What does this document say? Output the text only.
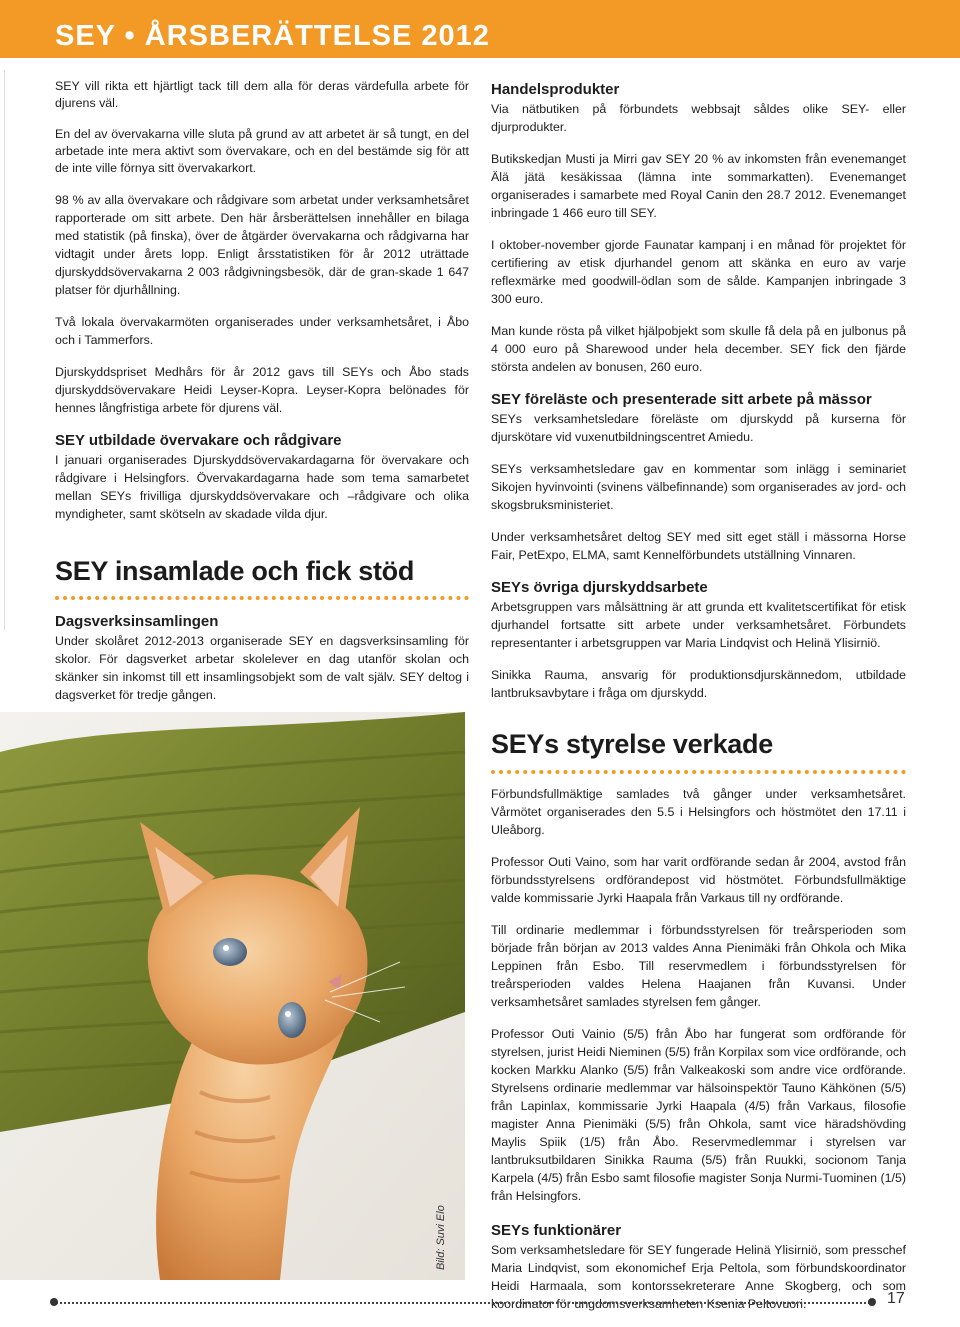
SEY • ÅRSBERÄTTELSE 2012

SEY vill rikta ett hjärtligt tack till dem alla för deras värdefulla arbete för djurens väl.

En del av övervakarna ville sluta på grund av att arbetet är så tungt, en del arbetade inte mera aktivt som övervakare, och en del bestämde sig för att de inte ville förnya sitt övervakarkort.

98 % av alla övervakare och rådgivare som arbetat under verksamhetsåret rapporterade om sitt arbete. Den här årsberättelsen innehåller en bilaga med statistik (på finska), över de åtgärder övervakarna och rådgivarna har vidtagit under årets lopp. Enligt årsstatistiken för år 2012 uträttade djurskyddsövervakarna 2 003 rådgivningsbesök, där de gran-skade 1 647 platser för djurhållning.

Två lokala övervakarmöten organiserades under verksamhetsåret, i Åbo och i Tammerfors.

Djurskyddspriset Medhårs för år 2012 gavs till SEYs och Åbo stads djurskyddsövervakare Heidi Leyser-Kopra. Leyser-Kopra belönades för hennes långfristiga arbete för djurens väl.

SEY utbildade övervakare och rådgivare

I januari organiserades Djurskyddsövervakardagarna för övervakare och rådgivare i Helsingfors. Övervakardagarna hade som tema samarbetet mellan SEYs frivilliga djurskyddsövervakare och –rådgivare och olika myndigheter, samt skötseln av skadade vilda djur.

SEY insamlade och fick stöd
Dagsverksinsamlingen

Under skolåret 2012-2013 organiserade SEY en dagsverksinsamling för skolor. För dagsverket arbetar skolelever en dag utanför skolan och skänker sin inkomst till ett insamlingsobjekt som de valt själv. SEY deltog i dagsverket för tredje gången.

Bild: Suvi Elo

Handelsprodukter

Via nätbutiken på förbundets webbsajt såldes olike SEY- eller djurprodukter.

Butikskedjan Musti ja Mirri gav SEY 20 % av inkomsten från evenemanget Älä jätä kesäkissaa (lämna inte sommarkatten). Evenemanget organiserades i samarbete med Royal Canin den 28.7 2012. Evenemanget inbringade 1 466 euro till SEY.

I oktober-november gjorde Faunatar kampanj i en månad för projektet för certifiering av etisk djurhandel genom att skänka en euro av varje reflexmärke med goodwill-ödlan som de sålde. Kampanjen inbringade 3 300 euro.

Man kunde rösta på vilket hjälpobjekt som skulle få dela på en julbonus på 4 000 euro på Sharewood under hela december. SEY fick den fjärde största andelen av bonusen, 260 euro.

SEY föreläste och presenterade sitt arbete på mässor

SEYs verksamhetsledare föreläste om djurskydd på kurserna för djurskötare vid vuxenutbildningscentret Amiedu.

SEYs verksamhetsledare gav en kommentar som inlägg i seminariet Sikojen hyvinvointi (svinens välbefinnande) som organiserades av jord- och skogsbruksministeriet.

Under verksamhetsåret deltog SEY med sitt eget ställ i mässorna Horse Fair, PetExpo, ELMA, samt Kennelförbundets utställning Vinnaren.

SEYs övriga djurskyddsarbete

Arbetsgruppen vars målsättning är att grunda ett kvalitetscertifikat för etisk djurhandel fortsatte sitt arbete under verksamhetsåret. Förbundets representanter i arbetsgruppen var Maria Lindqvist och Helinä Ylisirniö.

Sinikka Rauma, ansvarig för produktionsdjurskännedom, utbildade lantbruksavbytare i fråga om djurskydd.

SEYs styrelse verkade

Förbundsfullmäktige samlades två gånger under verksamhetsåret. Vårmötet organiserades den 5.5 i Helsingfors och höstmötet den 17.11 i Uleåborg.

Professor Outi Vaino, som har varit ordförande sedan år 2004, avstod från förbundsstyrelsens ordförandepost vid höstmötet. Förbundsfullmäktige valde kommissarie Jyrki Haapala från Varkaus till ny ordförande.

Till ordinarie medlemmar i förbundsstyrelsen för treårsperioden som började från början av 2013 valdes Anna Pienimäki från Ohkola och Mika Leppinen från Esbo. Till reservmedlem i förbundsstyrelsen för treårsperioden valdes Helena Haajanen från Kuvansi. Under verksamhetsåret samlades styrelsen fem gånger.

Professor Outi Vainio (5/5) från Åbo har fungerat som ordförande för styrelsen, jurist Heidi Nieminen (5/5) från Korpilax som vice ordförande, och kocken Markku Alanko (5/5) från Valkeakoski som andre vice ordförande. Styrelsens ordinarie medlemmar var hälsoinspektör Tauno Kähkönen (5/5) från Lapinlax, kommissarie Jyrki Haapala (4/5) från Varkaus, filosofie magister Anna Pienimäki (5/5) från Ohkola, samt vice häradshövding Maylis Spiik (1/5) från Åbo. Reservmedlemmar i styrelsen var lantbruksutbildaren Sinikka Rauma (5/5) från Ruukki, socionom Tanja Karpela (4/5) från Esbo samt filosofie magister Sonja Nurmi-Tuominen (1/5) från Helsingfors.

SEYs funktionärer

Som verksamhetsledare för SEY fungerade Helinä Ylisirniö, som presschef Maria Lindqvist, som ekonomichef Erja Peltola, som förbundskoordinator Heidi Harmaala, som kontorssekreterare Anne Skogberg, och som koordinator för ungdomsverksamheten Ksenia Peltovuori.	17
